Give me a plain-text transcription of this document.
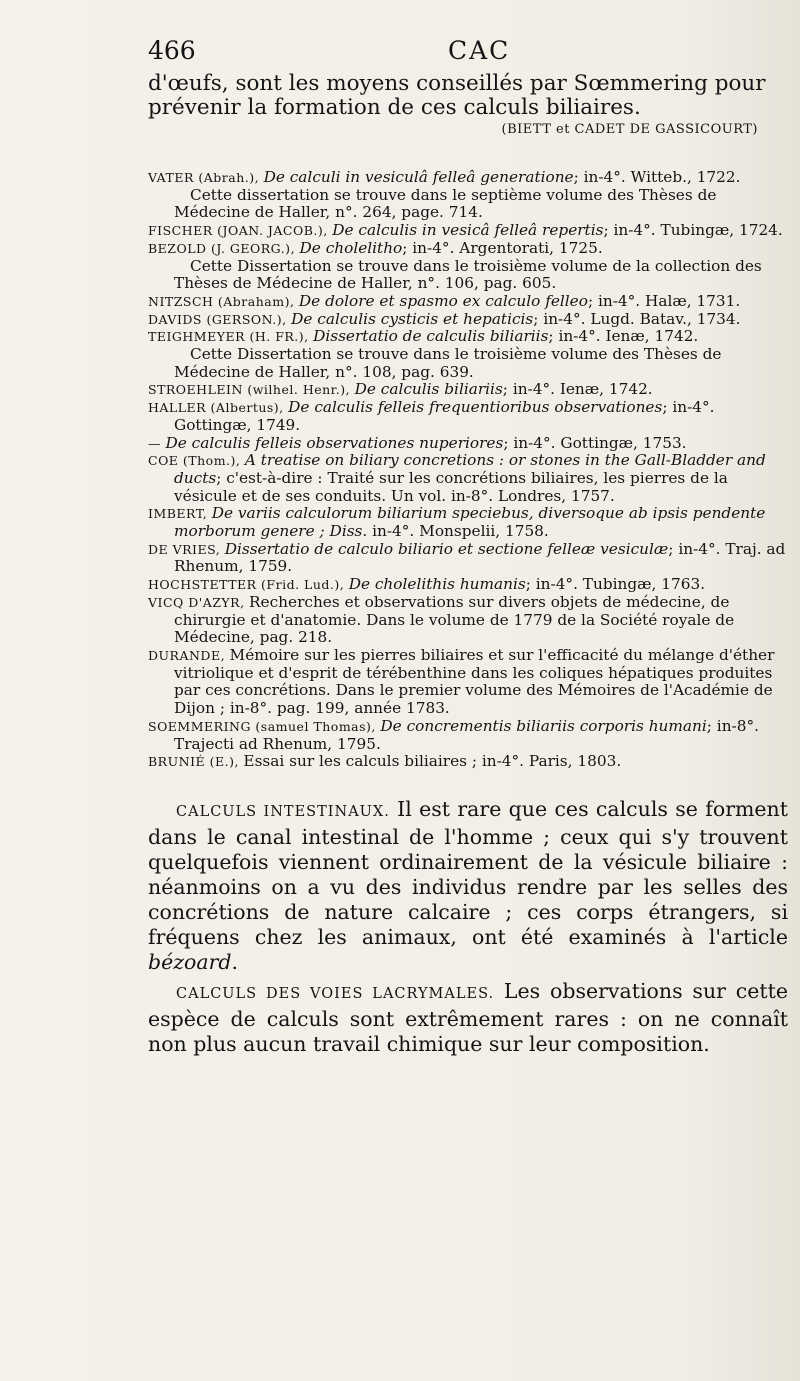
466	CAC

d'œufs, sont les moyens conseillés par Sœmmering pour

prévenir la formation de ces calculs biliaires.

(BIETT et CADET DE GASSICOURT)

VATER (Abrah.), De calculi in vesiculâ felleâ generatione; in-4°. Witteb., 1722.

Cette dissertation se trouve dans le septième volume des Thèses de Médecine de Haller, n°. 264, page. 714.

FISCHER (JOAN. JACOB.), De calculis in vesicâ felleâ repertis; in-4°. Tubingæ, 1724.

BEZOLD (J. GEORG.), De cholelitho; in-4°. Argentorati, 1725.

Cette Dissertation se trouve dans le troisième volume de la collection des Thèses de Médecine de Haller, n°. 106, pag. 605.

NITZSCH (Abraham), De dolore et spasmo ex calculo felleo; in-4°. Halæ, 1731.

DAVIDS (GERSON.), De calculis cysticis et hepaticis; in-4°. Lugd. Batav., 1734.

TEIGHMEYER (H. FR.), Dissertatio de calculis biliariis; in-4°. Ienæ, 1742.

Cette Dissertation se trouve dans le troisième volume des Thèses de Médecine de Haller, n°. 108, pag. 639.

STROEHLEIN (wilhel. Henr.), De calculis biliariis; in-4°. Ienæ, 1742.

HALLER (Albertus), De calculis felleis frequentioribus observationes; in-4°. Gottingæ, 1749.

— De calculis felleis observationes nuperiores; in-4°. Gottingæ, 1753.

COE (Thom.), A treatise on biliary concretions : or stones in the Gall-Bladder and ducts; c'est-à-dire : Traité sur les concrétions biliaires, les pierres de la vésicule et de ses conduits. Un vol. in-8°. Londres, 1757.

IMBERT, De variis calculorum biliarium speciebus, diversoque ab ipsis pendente morborum genere ; Diss. in-4°. Monspelii, 1758.

DE VRIES, Dissertatio de calculo biliario et sectione felleæ vesiculæ; in-4°. Traj. ad Rhenum, 1759.

HOCHSTETTER (Frid. Lud.), De cholelithis humanis; in-4°. Tubingæ, 1763.

VICQ D'AZYR, Recherches et observations sur divers objets de médecine, de chirurgie et d'anatomie. Dans le volume de 1779 de la Société royale de Médecine, pag. 218.

DURANDE, Mémoire sur les pierres biliaires et sur l'efficacité du mélange d'éther vitriolique et d'esprit de térébenthine dans les coliques hépatiques produites par ces concrétions. Dans le premier volume des Mémoires de l'Académie de Dijon ; in-8°. pag. 199, année 1783.

SOEMMERING (samuel Thomas), De concrementis biliariis corporis humani; in-8°. Trajecti ad Rhenum, 1795.

BRUNIÉ (E.), Essai sur les calculs biliaires ; in-4°. Paris, 1803.

CALCULS INTESTINAUX. Il est rare que ces calculs se forment dans le canal intestinal de l'homme ; ceux qui s'y trouvent quelquefois viennent ordinairement de la vésicule biliaire : néanmoins on a vu des individus rendre par les selles des concrétions de nature calcaire ; ces corps étrangers, si fréquens chez les animaux, ont été examinés à l'article bézoard.

CALCULS DES VOIES LACRYMALES. Les observations sur cette espèce de calculs sont extrêmement rares : on ne connaît non plus aucun travail chimique sur leur composition.
